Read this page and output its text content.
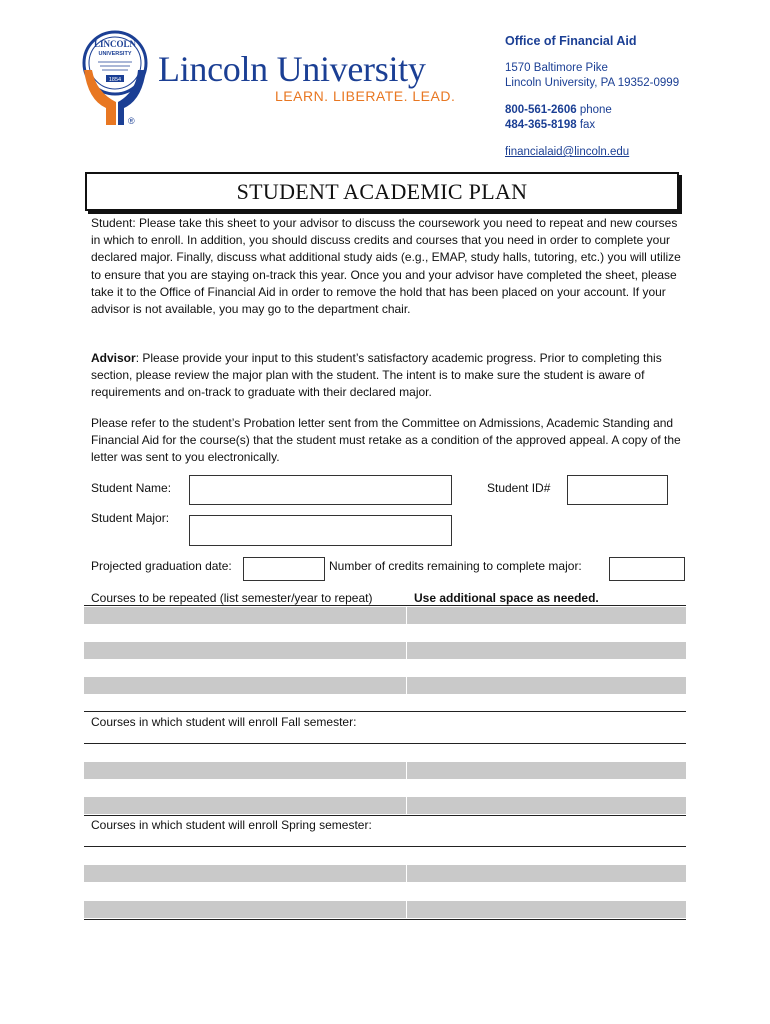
LINCOLN
UNIVERSITY
1854 Lincoln University
LEARN. LIBERATE. LEAD.
®
Office of Financial Aid
1570 Baltimore Pike
Lincoln University, PA 19352-0999
800-561-2606 phone
484-365-8198 fax
financialaid@lincoln.edu
STUDENT ACADEMIC PLAN
Student: Please take this sheet to your advisor to discuss the coursework you need to repeat and new courses in which to enroll. In addition, you should discuss credits and courses that you need in order to complete your declared major. Finally, discuss what additional study aids (e.g., EMAP, study halls, tutoring, etc.) you will utilize to ensure that you are staying on-track this year. Once you and your advisor have completed the sheet, please take it to the Office of Financial Aid in order to remove the hold that has been placed on your account. If your advisor is not available, you may go to the department chair.
Advisor: Please provide your input to this student’s satisfactory academic progress. Prior to completing this section, please review the major plan with the student. The intent is to make sure the student is aware of requirements and on-track to graduate with their declared major.
Please refer to the student’s Probation letter sent from the Committee on Admissions, Academic Standing and Financial Aid for the course(s) that the student must retake as a condition of the approved appeal. A copy of the letter was sent to you electronically.
Student Name:	Student ID#
Student Major:
Projected graduation date:	Number of credits remaining to complete major:
Courses to be repeated (list semester/year to repeat)	Use additional space as needed.
Courses in which student will enroll Fall semester:
Courses in which student will enroll Spring semester:
